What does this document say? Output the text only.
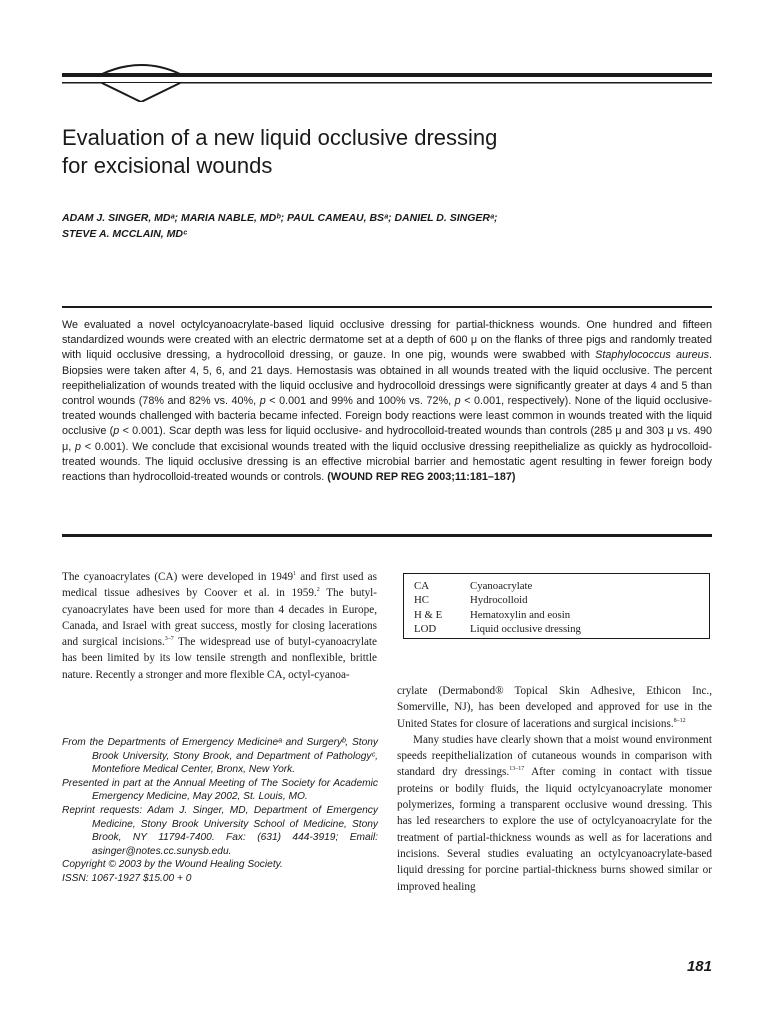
Evaluation of a new liquid occlusive dressing
for excisional wounds
ADAM J. SINGER, MDᵃ; MARIA NABLE, MDᵇ; PAUL CAMEAU, BSᵃ; DANIEL D. SINGERᵃ;
STEVE A. MCCLAIN, MDᶜ

We evaluated a novel octylcyanoacrylate-based liquid occlusive dressing for partial-thickness wounds. One hundred and fifteen standardized wounds were created with an electric dermatome set at a depth of 600 μ on the flanks of three pigs and randomly treated with liquid occlusive dressing, a hydrocolloid dressing, or gauze. In one pig, wounds were swabbed with Staphylococcus aureus. Biopsies were taken after 4, 5, 6, and 21 days. Hemostasis was obtained in all wounds treated with the liquid occlusive. The percent reepithelialization of wounds treated with the liquid occlusive and hydrocolloid dressings were significantly greater at days 4 and 5 than control wounds (78% and 82% vs. 40%, p < 0.001 and 99% and 100% vs. 72%, p < 0.001, respectively). None of the liquid occlusive-treated wounds challenged with bacteria became infected. Foreign body reactions were least common in wounds treated with the liquid occlusive (p < 0.001). Scar depth was less for liquid occlusive- and hydrocolloid-treated wounds than controls (285 μ and 303 μ vs. 490 μ, p < 0.001). We conclude that excisional wounds treated with the liquid occlusive dressing reepithelialize as quickly as hydrocolloid-treated wounds. The liquid occlusive dressing is an effective microbial barrier and hemostatic agent resulting in fewer foreign body reactions than hydrocolloid-treated wounds or controls. (WOUND REP REG 2003;11:181–187)

The cyanoacrylates (CA) were developed in 1949$^1$ and first used as medical tissue adhesives by Coover et al. in 1959.$^2$ The butyl-cyanoacrylates have been used for more than 4 decades in Europe, Canada, and Israel with great success, mostly for closing lacerations and surgical incisions.$^{3-7}$ The widespread use of butyl-cyanoacrylate has been limited by its low tensile strength and nonflexible, brittle nature. Recently a stronger and more flexible CA, octyl-cyanoa-

CA	Cyanoacrylate
HC	Hydrocolloid
H & E	Hematoxylin and eosin
LOD	Liquid occlusive dressing

From the Departments of Emergency Medicineᵃ and Surgeryᵇ, Stony Brook University, Stony Brook, and Department of Pathologyᶜ, Montefiore Medical Center, Bronx, New York.

Presented in part at the Annual Meeting of The Society for Academic Emergency Medicine, May 2002, St. Louis, MO.

Reprint requests: Adam J. Singer, MD, Department of Emergency Medicine, Stony Brook University School of Medicine, Stony Brook, NY 11794-7400. Fax: (631) 444-3919; Email: asinger@notes.cc.sunysb.edu.

Copyright © 2003 by the Wound Healing Society.

ISSN: 1067-1927 $15.00 + 0

crylate (Dermabond® Topical Skin Adhesive, Ethicon Inc., Somerville, NJ), has been developed and approved for use in the United States for closure of lacerations and surgical incisions.$^{8-12}$

Many studies have clearly shown that a moist wound environment speeds reepithelialization of cutaneous wounds in comparison with standard dry dressings.$^{13-17}$ After coming in contact with tissue proteins or bodily fluids, the liquid octylcyanoacrylate monomer polymerizes, forming a transparent occlusive wound dressing. This has led researchers to explore the use of octylcyanoacrylate for the treatment of partial-thickness wounds as well as for lacerations and incisions. Several studies evaluating an octylcyanoacrylate-based liquid dressing for porcine partial-thickness burns showed similar or improved healing

181
